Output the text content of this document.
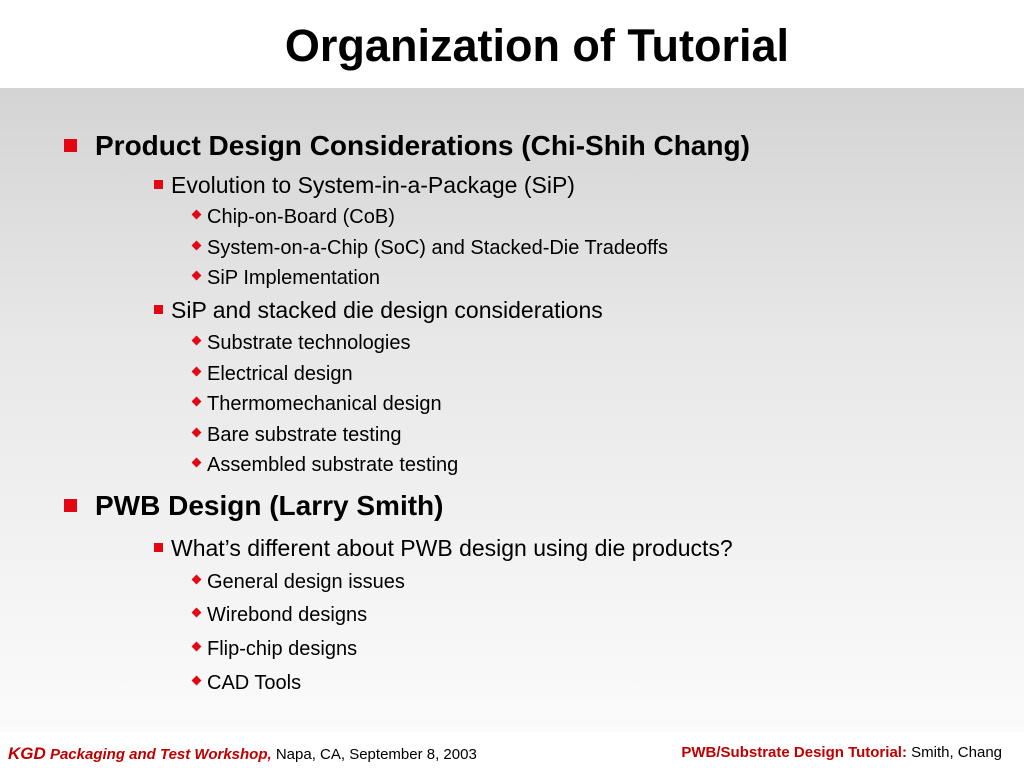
Organization of Tutorial
Product Design Considerations (Chi-Shih Chang)
Evolution to System-in-a-Package (SiP)
Chip-on-Board (CoB)
System-on-a-Chip (SoC) and Stacked-Die Tradeoffs
SiP Implementation
SiP and stacked die design considerations
Substrate technologies
Electrical design
Thermomechanical design
Bare substrate testing
Assembled substrate testing
PWB Design (Larry Smith)
What’s different about PWB design using die products?
General design issues
Wirebond designs
Flip-chip designs
CAD Tools
KGD Packaging and Test Workshop, Napa, CA, September 8, 2003	PWB/Substrate Design Tutorial: Smith, Chang
